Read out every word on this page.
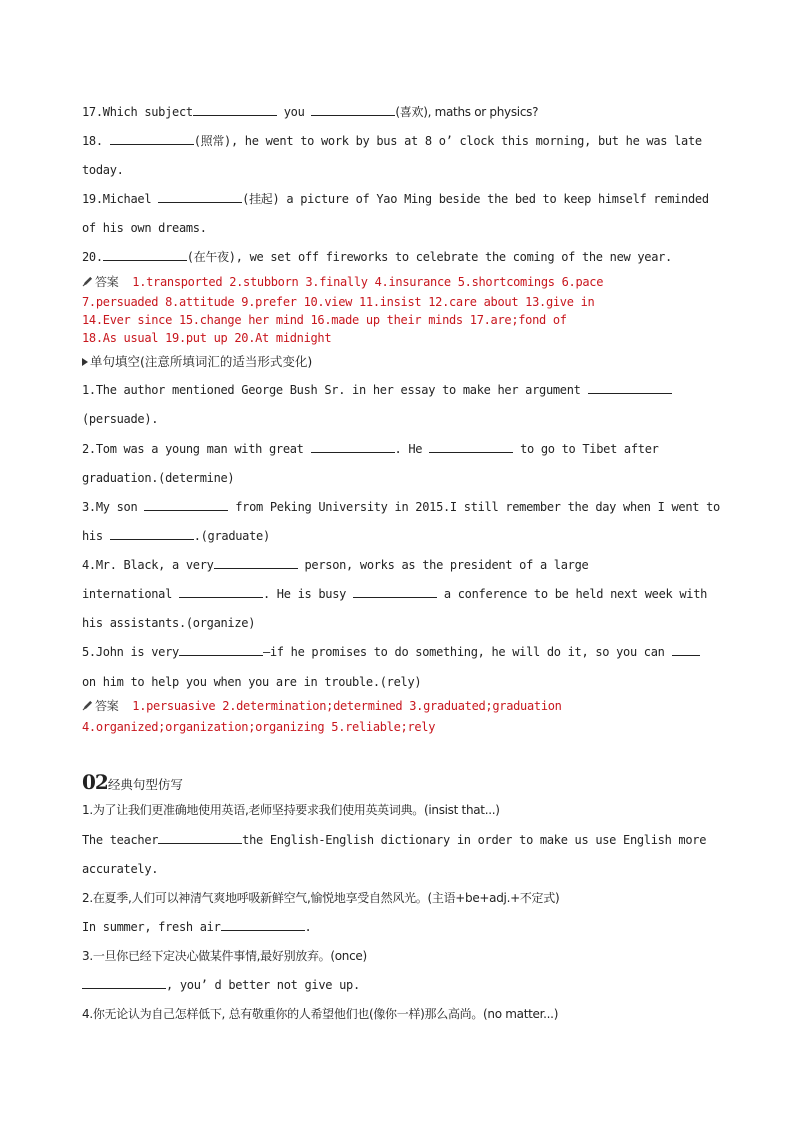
17.Which subject	you	(喜欢), maths or physics?
18.	(照常), he went to work by bus at 8 o’ clock this morning, but he was late
today.
19.Michael	(挂起) a picture of Yao Ming beside the bed to keep himself reminded
of his own dreams.
20.	(在午夜), we set off fireworks to celebrate the coming of the new year.
答案 1.transported 2.stubborn 3.finally 4.insurance 5.shortcomings 6.pace
7.persuaded 8.attitude 9.prefer 10.view 11.insist 12.care about 13.give in
14.Ever since 15.change her mind 16.made up their minds 17.are;fond of
18.As usual 19.put up 20.At midnight
单句填空(注意所填词汇的适当形式变化)
1.The author mentioned George Bush Sr. in her essay to make her argument
(persuade).
2.Tom was a young man with great	. He	to go to Tibet after
graduation.(determine)
3.My son	from Peking University in 2015.I still remember the day when I went to
his	.(graduate)
4.Mr. Black, a very	person, works as the president of a large
international	. He is busy	a conference to be held next week with
his assistants.(organize)
5.John is very	—if he promises to do something, he will do it, so you can
on him to help you when you are in trouble.(rely)
答案 1.persuasive 2.determination;determined 3.graduated;graduation
4.organized;organization;organizing 5.reliable;rely
02经典句型仿写
1.为了让我们更准确地使用英语,老师坚持要求我们使用英英词典。(insist that...)
The teacher	the English-English dictionary in order to make us use English more
accurately.
2.在夏季,人们可以神清气爽地呼吸新鲜空气,愉悦地享受自然风光。(主语+be+adj.+不定式)
In summer, fresh air	.
3.一旦你已经下定决心做某件事情,最好别放弃。(once)
, you’ d better not give up.
4.你无论认为自己怎样低下, 总有敬重你的人希望他们也(像你一样)那么高尚。(no matter...)
